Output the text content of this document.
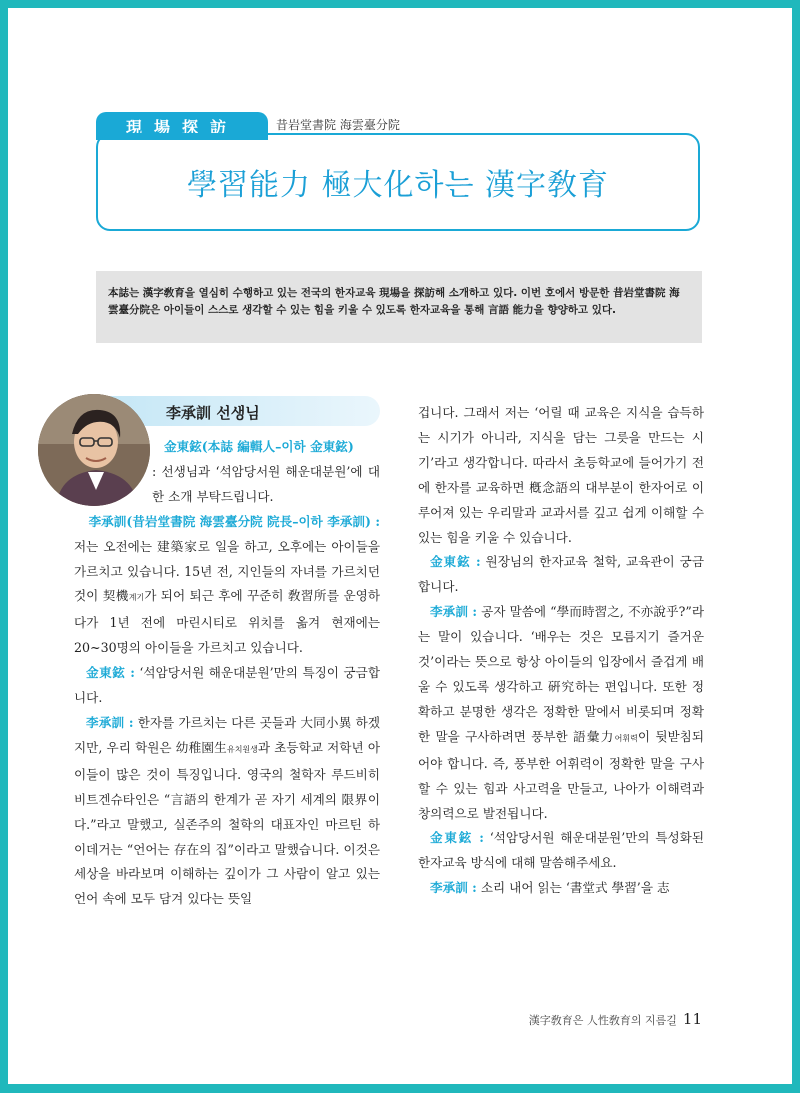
現場探訪	昔岩堂書院 海雲臺分院
學習能力 極大化하는 漢字敎育
本誌는 漢字敎育을 열심히 수행하고 있는 전국의 한자교육 現場을 探訪해 소개하고 있다. 이번 호에서 방문한 昔岩堂書院 海雲臺分院은 아이들이 스스로 생각할 수 있는 힘을 키울 수 있도록 한자교육을 통해 言語 能力을 향양하고 있다.
李承訓 선생님

金東鉉(本誌 編輯人–이하 金東鉉)

: 선생님과 ‘석암당서원 해운대분원’에 대한 소개 부탁드립니다.

李承訓(昔岩堂書院 海雲臺分院 院長–이하 李承訓) :

저는 오전에는 建築家로 일을 하고, 오후에는 아이들을 가르치고 있습니다. 15년 전, 지인들의 자녀를 가르치던 것이 契機계기가 되어 퇴근 후에 꾸준히 敎習所를 운영하다가 1년 전에 마린시티로 위치를 옮겨 현재에는 20~30명의 아이들을 가르치고 있습니다.

金東鉉 : ‘석암당서원 해운대분원’만의 특징이 궁금합니다.

李承訓 : 한자를 가르치는 다른 곳들과 大同小異 하겠지만, 우리 학원은 幼稚園生유치원생과 초등학교 저학년 아이들이 많은 것이 특징입니다. 영국의 철학자 루드비히 비트겐슈타인은 “言語의 한계가 곧 자기 세계의 限界이다.”라고 말했고, 실존주의 철학의 대표자인 마르틴 하이데거는 “언어는 存在의 집”이라고 말했습니다. 이것은 세상을 바라보며 이해하는 깊이가 그 사람이 알고 있는 언어 속에 모두 담겨 있다는 뜻일

겁니다. 그래서 저는 ‘어릴 때 교육은 지식을 습득하는 시기가 아니라, 지식을 담는 그릇을 만드는 시기’라고 생각합니다. 따라서 초등학교에 들어가기 전에 한자를 교육하면 槪念語의 대부분이 한자어로 이루어져 있는 우리말과 교과서를 깊고 쉽게 이해할 수 있는 힘을 키울 수 있습니다.

金東鉉 : 원장님의 한자교육 철학, 교육관이 궁금합니다.

李承訓 : 공자 말씀에 “學而時習之, 不亦說乎?”라는 말이 있습니다. ‘배우는 것은 모름지기 즐거운 것’이라는 뜻으로 항상 아이들의 입장에서 즐겁게 배울 수 있도록 생각하고 硏究하는 편입니다. 또한 정확하고 분명한 생각은 정확한 말에서 비롯되며 정확한 말을 구사하려면 풍부한 語彙力어휘력이 뒷받침되어야 합니다. 즉, 풍부한 어휘력이 정확한 말을 구사할 수 있는 힘과 사고력을 만들고, 나아가 이해력과 창의력으로 발전됩니다.

金東鉉 : ‘석암당서원 해운대분원’만의 특성화된 한자교육 방식에 대해 말씀해주세요.

李承訓 : 소리 내어 읽는 ‘書堂式 學習’을 志

漢字敎育은 人性敎育의 지름길 11
